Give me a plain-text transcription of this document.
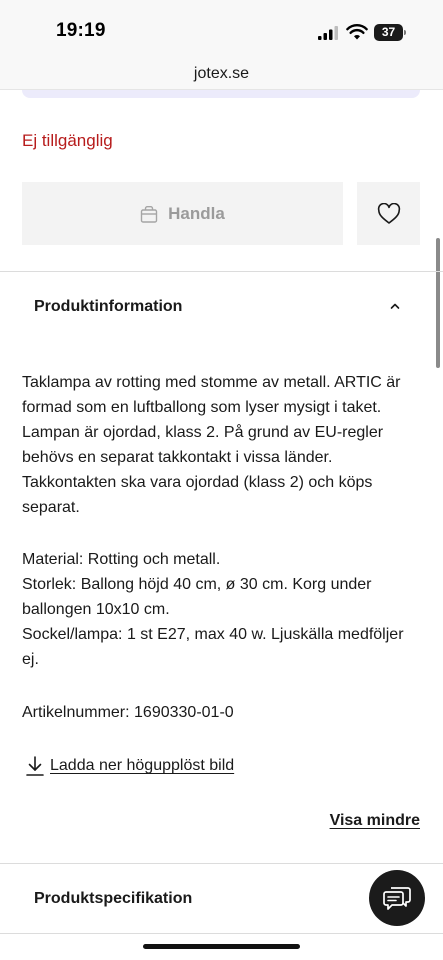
19:19	37
jotex.se
Ej tillgänglig
Handla
Produktinformation
Taklampa av rotting med stomme av metall. ARTIC är
formad som en luftballong som lyser mysigt i taket.
Lampan är ojordad, klass 2. På grund av EU-regler
behövs en separat takkontakt i vissa länder.
Takkontakten ska vara ojordad (klass 2) och köps
separat.
Material: Rotting och metall.
Storlek: Ballong höjd 40 cm, ø 30 cm. Korg under
ballongen 10x10 cm.
Sockel/lampa: 1 st E27, max 40 w. Ljuskälla medföljer
ej.
Artikelnummer: 1690330-01-0
Ladda ner högupplöst bild
Visa mindre
Produktspecifikation
